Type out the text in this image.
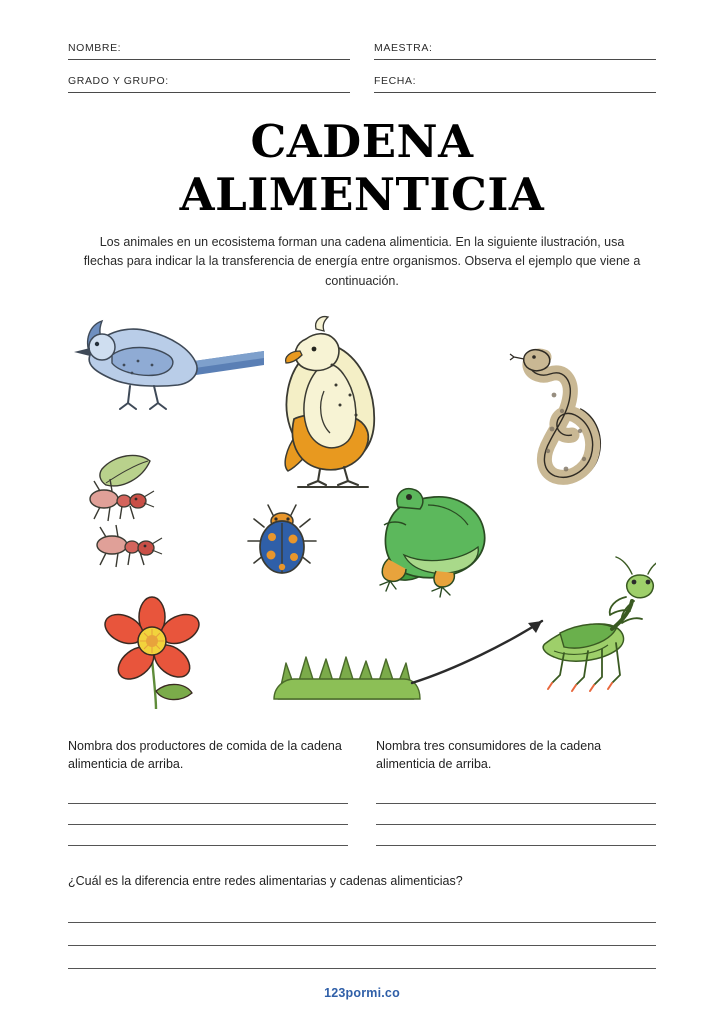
NOMBRE:	MAESTRA:
GRADO Y GRUPO:	FECHA:
CADENA ALIMENTICIA

Los animales en un ecosistema forman una cadena alimenticia. En la siguiente ilustración, usa flechas para indicar la la transferencia de energía entre organismos. Observa el ejemplo que viene a continuación.

Nombra dos productores de comida de la cadena alimenticia de arriba.
Nombra tres consumidores de la cadena alimenticia de arriba.
¿Cuál es la diferencia entre redes alimentarias y cadenas alimenticias?
123pormi.co
